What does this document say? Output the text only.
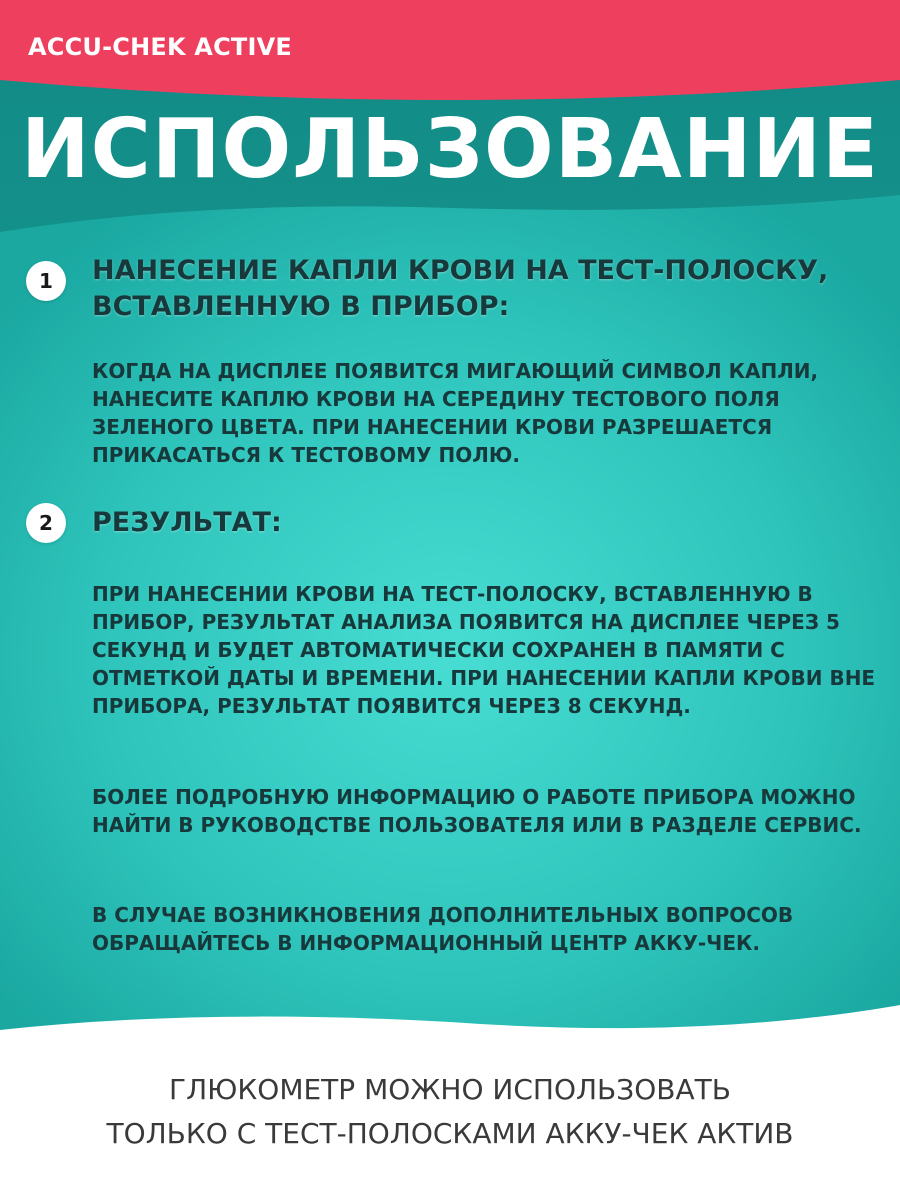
ACCU-CHEK ACTIVE
ИСПОЛЬЗОВАНИЕ
1	НАНЕСЕНИЕ КАПЛИ КРОВИ НА ТЕСТ-ПОЛОСКУ, ВСТАВЛЕННУЮ В ПРИБОР:
КОГДА НА ДИСПЛЕЕ ПОЯВИТСЯ МИГАЮЩИЙ СИМВОЛ КАПЛИ, НАНЕСИТЕ КАПЛЮ КРОВИ НА СЕРЕДИНУ ТЕСТОВОГО ПОЛЯ ЗЕЛЕНОГО ЦВЕТА. ПРИ НАНЕСЕНИИ КРОВИ РАЗРЕШАЕТСЯ ПРИКАСАТЬСЯ К ТЕСТОВОМУ ПОЛЮ.
2	РЕЗУЛЬТАТ:
ПРИ НАНЕСЕНИИ КРОВИ НА ТЕСТ-ПОЛОСКУ, ВСТАВЛЕННУЮ В ПРИБОР, РЕЗУЛЬТАТ АНАЛИЗА ПОЯВИТСЯ НА ДИСПЛЕЕ ЧЕРЕЗ 5 СЕКУНД И БУДЕТ АВТОМАТИЧЕСКИ СОХРАНЕН В ПАМЯТИ С ОТМЕТКОЙ ДАТЫ И ВРЕМЕНИ. ПРИ НАНЕСЕНИИ КАПЛИ КРОВИ ВНЕ ПРИБОРА, РЕЗУЛЬТАТ ПОЯВИТСЯ ЧЕРЕЗ 8 СЕКУНД.
БОЛЕЕ ПОДРОБНУЮ ИНФОРМАЦИЮ О РАБОТЕ ПРИБОРА МОЖНО НАЙТИ В РУКОВОДСТВЕ ПОЛЬЗОВАТЕЛЯ ИЛИ В РАЗДЕЛЕ СЕРВИС.
В СЛУЧАЕ ВОЗНИКНОВЕНИЯ ДОПОЛНИТЕЛЬНЫХ ВОПРОСОВ ОБРАЩАЙТЕСЬ В ИНФОРМАЦИОННЫЙ ЦЕНТР АККУ-ЧЕК.
ГЛЮКОМЕТР МОЖНО ИСПОЛЬЗОВАТЬ
ТОЛЬКО С ТЕСТ-ПОЛОСКАМИ АККУ-ЧЕК АКТИВ
